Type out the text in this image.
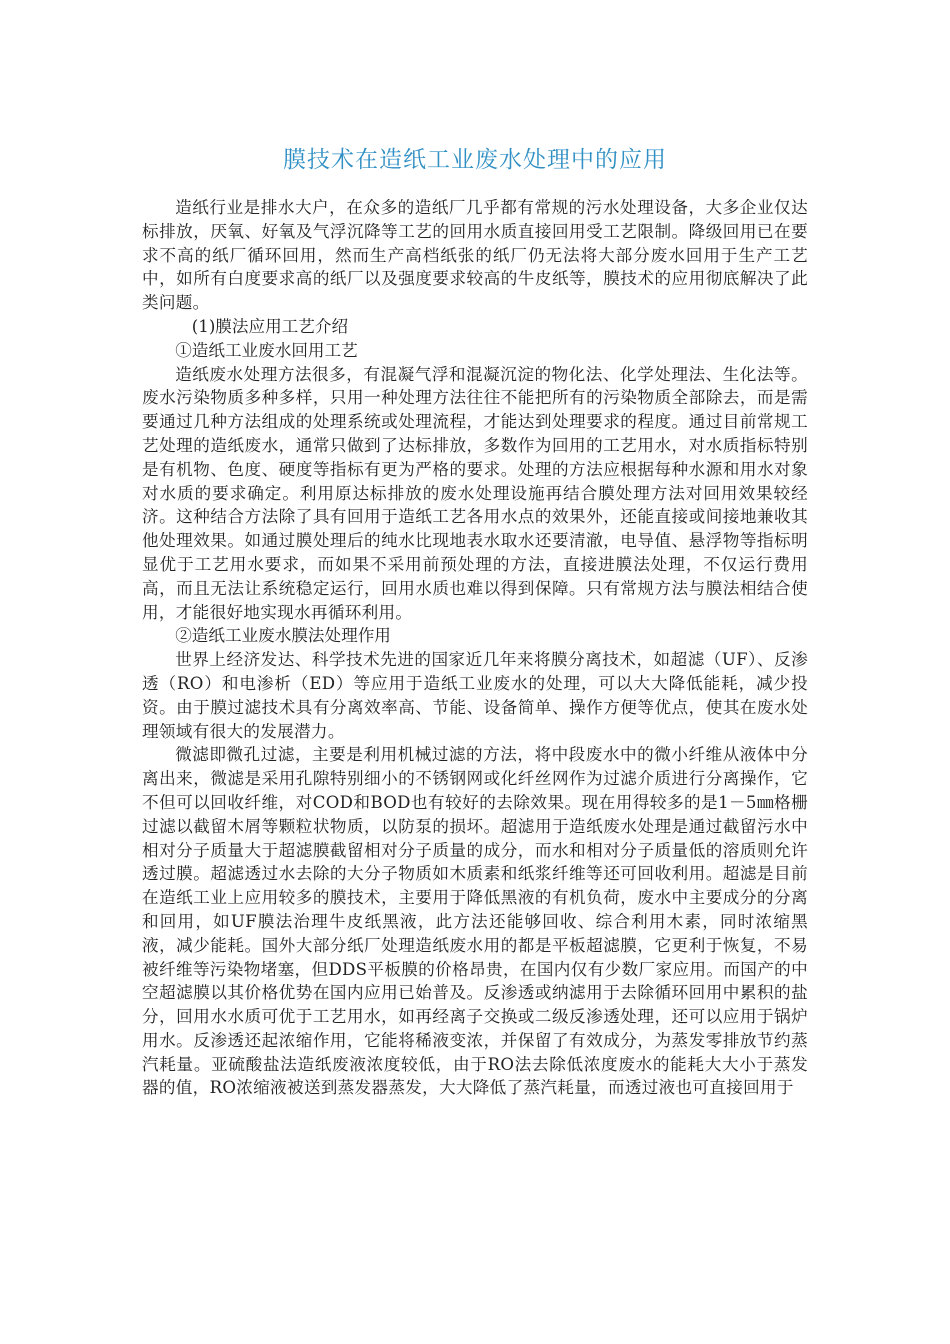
膜技术在造纸工业废水处理中的应用

造纸行业是排水大户，在众多的造纸厂几乎都有常规的污水处理设备，大多企业仅达标排放，厌氧、好氧及气浮沉降等工艺的回用水质直接回用受工艺限制。降级回用已在要求不高的纸厂循环回用，然而生产高档纸张的纸厂仍无法将大部分废水回用于生产工艺中，如所有白度要求高的纸厂以及强度要求较高的牛皮纸等，膜技术的应用彻底解决了此类问题。

(1)膜法应用工艺介绍

①造纸工业废水回用工艺

造纸废水处理方法很多，有混凝气浮和混凝沉淀的物化法、化学处理法、生化法等。废水污染物质多种多样，只用一种处理方法往往不能把所有的污染物质全部除去，而是需要通过几种方法组成的处理系统或处理流程，才能达到处理要求的程度。通过目前常规工艺处理的造纸废水，通常只做到了达标排放，多数作为回用的工艺用水，对水质指标特别是有机物、色度、硬度等指标有更为严格的要求。处理的方法应根据每种水源和用水对象对水质的要求确定。利用原达标排放的废水处理设施再结合膜处理方法对回用效果较经济。这种结合方法除了具有回用于造纸工艺各用水点的效果外，还能直接或间接地兼收其他处理效果。如通过膜处理后的纯水比现地表水取水还要清澈，电导值、悬浮物等指标明显优于工艺用水要求，而如果不采用前预处理的方法，直接进膜法处理，不仅运行费用高，而且无法让系统稳定运行，回用水质也难以得到保障。只有常规方法与膜法相结合使用，才能很好地实现水再循环利用。

②造纸工业废水膜法处理作用

世界上经济发达、科学技术先进的国家近几年来将膜分离技术，如超滤（UF）、反渗透（RO）和电渗析（ED）等应用于造纸工业废水的处理，可以大大降低能耗，减少投资。由于膜过滤技术具有分离效率高、节能、设备简单、操作方便等优点，使其在废水处理领域有很大的发展潜力。

微滤即微孔过滤，主要是利用机械过滤的方法，将中段废水中的微小纤维从液体中分离出来，微滤是采用孔隙特别细小的不锈钢网或化纤丝网作为过滤介质进行分离操作，它不但可以回收纤维，对COD和BOD也有较好的去除效果。现在用得较多的是1－5㎜格栅过滤以截留木屑等颗粒状物质，以防泵的损坏。超滤用于造纸废水处理是通过截留污水中相对分子质量大于超滤膜截留相对分子质量的成分，而水和相对分子质量低的溶质则允许透过膜。超滤透过水去除的大分子物质如木质素和纸浆纤维等还可回收利用。超滤是目前在造纸工业上应用较多的膜技术，主要用于降低黑液的有机负荷，废水中主要成分的分离和回用，如UF膜法治理牛皮纸黑液，此方法还能够回收、综合利用木素，同时浓缩黑液，减少能耗。国外大部分纸厂处理造纸废水用的都是平板超滤膜，它更利于恢复，不易被纤维等污染物堵塞，但DDS平板膜的价格昂贵，在国内仅有少数厂家应用。而国产的中空超滤膜以其价格优势在国内应用已始普及。反渗透或纳滤用于去除循环回用中累积的盐分，回用水水质可优于工艺用水，如再经离子交换或二级反渗透处理，还可以应用于锅炉用水。反渗透还起浓缩作用，它能将稀液变浓，并保留了有效成分，为蒸发零排放节约蒸汽耗量。亚硫酸盐法造纸废液浓度较低，由于RO法去除低浓度废水的能耗大大小于蒸发器的值，RO浓缩液被送到蒸发器蒸发，大大降低了蒸汽耗量，而透过液也可直接回用于
